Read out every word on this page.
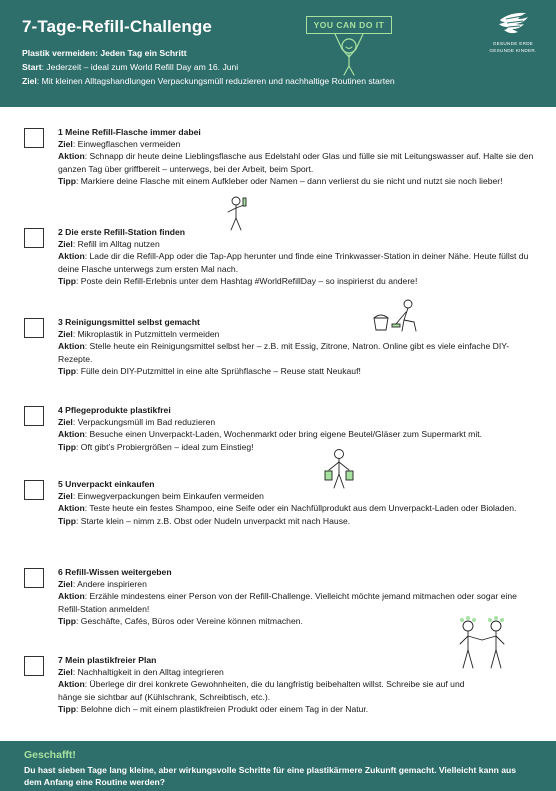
7-Tage-Refill-Challenge
Plastik vermeiden: Jeden Tag ein Schritt
Start: Jederzeit – ideal zum World Refill Day am 16. Juni
Ziel: Mit kleinen Alltagshandlungen Verpackungsmüll reduzieren und nachhaltige Routinen starten
YOU CAN DO IT
GESUNDE ERDE
GESUNDE KINDER.
1 Meine Refill-Flasche immer dabei
Ziel: Einwegflaschen vermeiden
Aktion: Schnapp dir heute deine Lieblingsflasche aus Edelstahl oder Glas und fülle sie mit Leitungswasser auf. Halte sie den ganzen Tag über griffbereit – unterwegs, bei der Arbeit, beim Sport.
Tipp: Markiere deine Flasche mit einem Aufkleber oder Namen – dann verlierst du sie nicht und nutzt sie noch lieber!
2 Die erste Refill-Station finden
Ziel: Refill im Alltag nutzen
Aktion: Lade dir die Refill-App oder die Tap-App herunter und finde eine Trinkwasser-Station in deiner Nähe. Heute füllst du deine Flasche unterwegs zum ersten Mal nach.
Tipp: Poste dein Refill-Erlebnis unter dem Hashtag #WorldRefillDay – so inspirierst du andere!
3 Reinigungsmittel selbst gemacht
Ziel: Mikroplastik in Putzmitteln vermeiden
Aktion: Stelle heute ein Reinigungsmittel selbst her – z.B. mit Essig, Zitrone, Natron. Online gibt es viele einfache DIY-Rezepte.
Tipp: Fülle dein DIY-Putzmittel in eine alte Sprühflasche – Reuse statt Neukauf!
4 Pflegeprodukte plastikfrei
Ziel: Verpackungsmüll im Bad reduzieren
Aktion: Besuche einen Unverpackt-Laden, Wochenmarkt oder bring eigene Beutel/Gläser zum Supermarkt mit.
Tipp: Oft gibt’s Probiergrößen – ideal zum Einstieg!
5 Unverpackt einkaufen
Ziel: Einwegverpackungen beim Einkaufen vermeiden
Aktion: Teste heute ein festes Shampoo, eine Seife oder ein Nachfüllprodukt aus dem Unverpackt-Laden oder Bioladen.
Tipp: Starte klein – nimm z.B. Obst oder Nudeln unverpackt mit nach Hause.
6 Refill-Wissen weitergeben
Ziel: Andere inspirieren
Aktion: Erzähle mindestens einer Person von der Refill-Challenge. Vielleicht möchte jemand mitmachen oder sogar eine Refill-Station anmelden!
Tipp: Geschäfte, Cafés, Büros oder Vereine können mitmachen.
7 Mein plastikfreier Plan
Ziel: Nachhaltigkeit in den Alltag integrieren
Aktion: Überlege dir drei konkrete Gewohnheiten, die du langfristig beibehalten willst. Schreibe sie auf und hänge sie sichtbar auf (Kühlschrank, Schreibtisch, etc.).
Tipp: Belohne dich – mit einem plastikfreien Produkt oder einem Tag in der Natur.
Geschafft!
Du hast sieben Tage lang kleine, aber wirkungsvolle Schritte für eine plastikärmere Zukunft gemacht. Vielleicht kann aus dem Anfang eine Routine werden?
